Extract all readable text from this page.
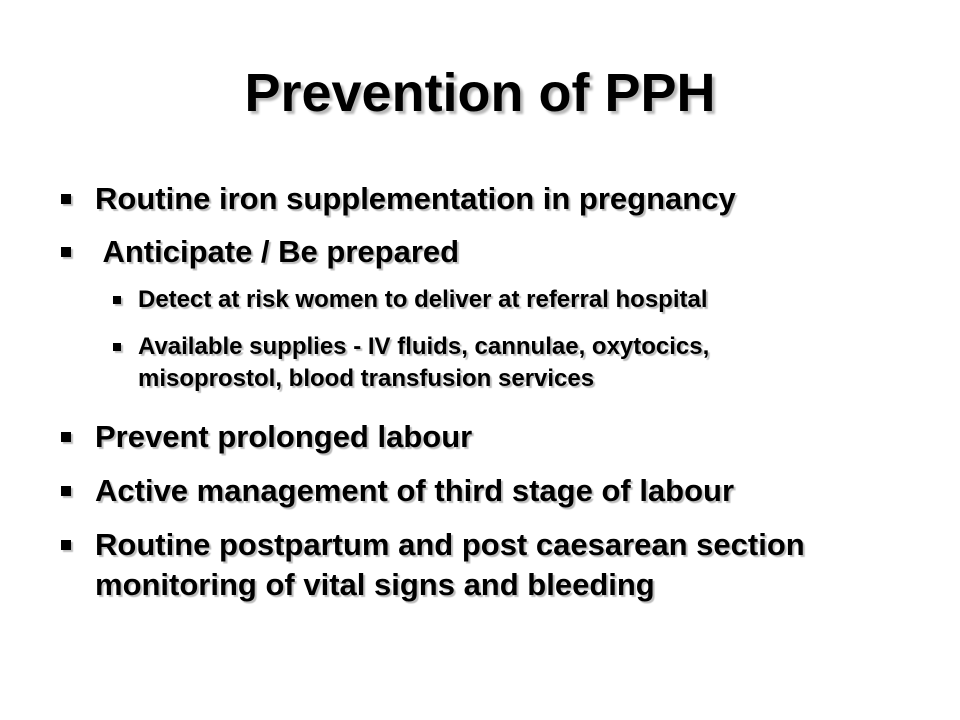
Prevention of PPH
Routine iron supplementation in pregnancy
Anticipate / Be prepared
Detect at risk women to deliver at referral hospital
Available supplies - IV fluids, cannulae, oxytocics,
misoprostol, blood transfusion services
Prevent prolonged labour
Active management of third stage of labour
Routine postpartum and post caesarean section
monitoring of vital signs and bleeding
